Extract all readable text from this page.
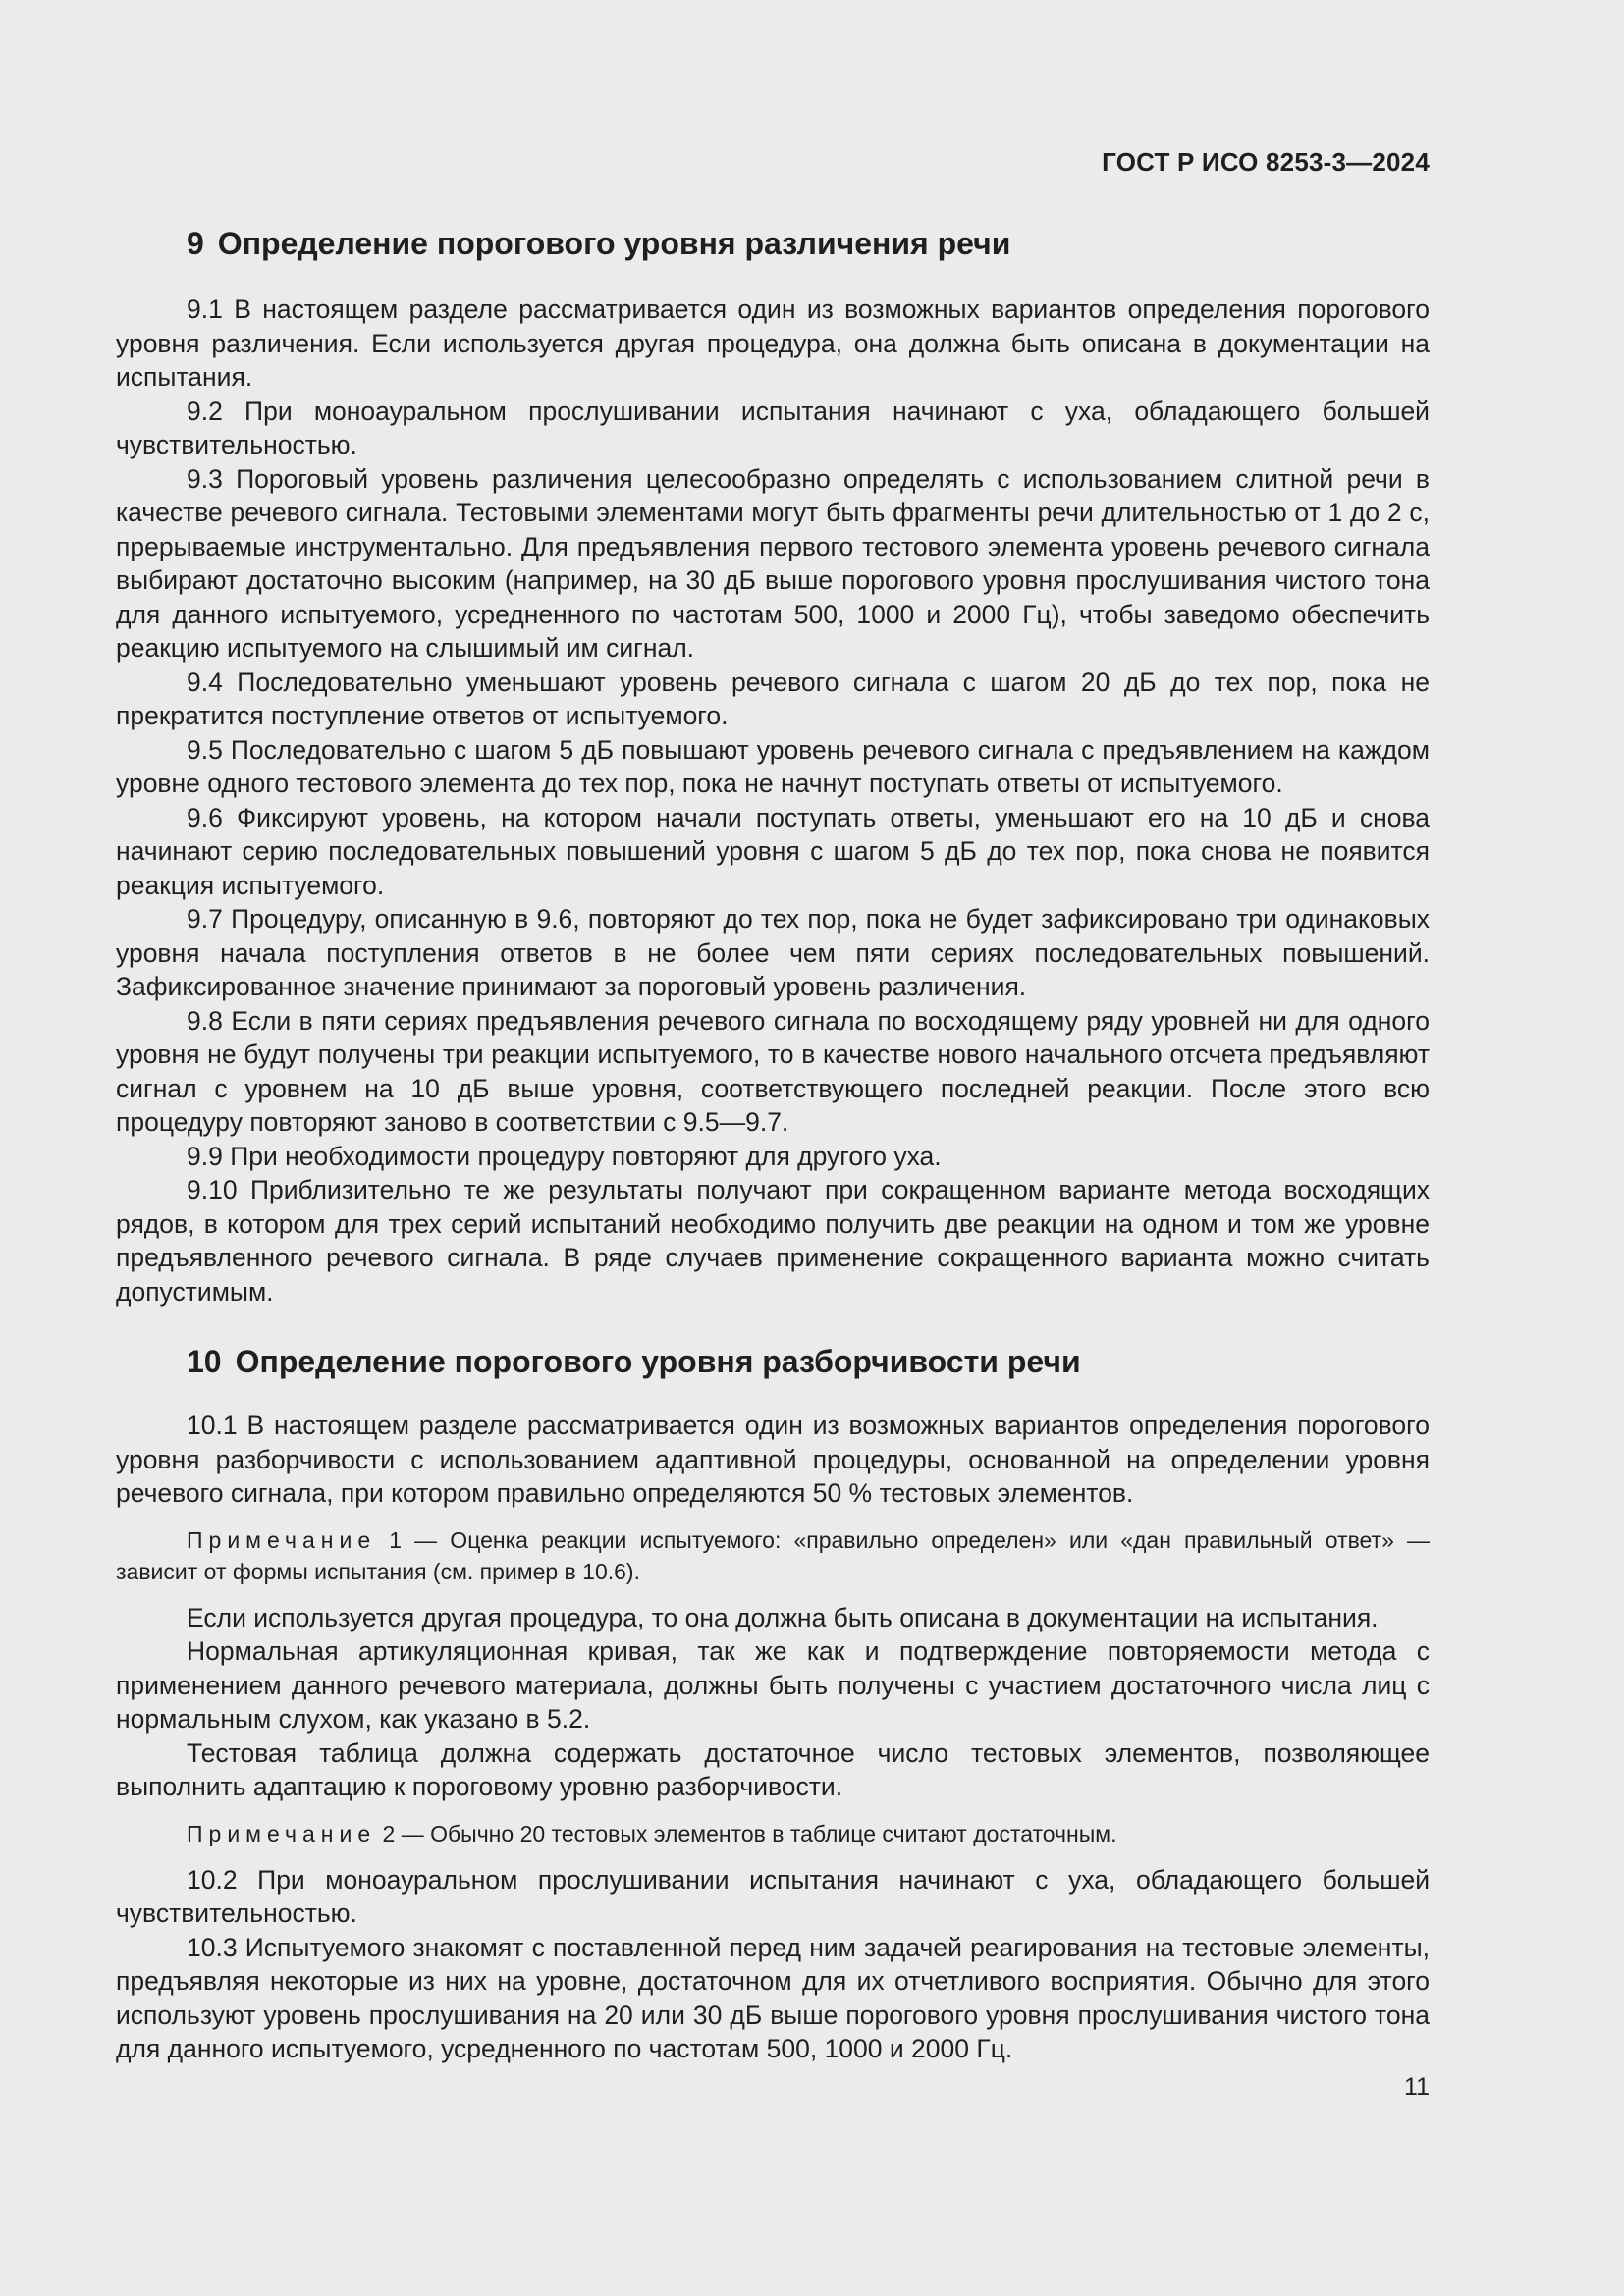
ГОСТ Р ИСО 8253-3—2024
9 Определение порогового уровня различения речи

9.1 В настоящем разделе рассматривается один из возможных вариантов определения порогового уровня различения. Если используется другая процедура, она должна быть описана в документации на испытания.

9.2 При моноауральном прослушивании испытания начинают с уха, обладающего большей чувствительностью.

9.3 Пороговый уровень различения целесообразно определять с использованием слитной речи в качестве речевого сигнала. Тестовыми элементами могут быть фрагменты речи длительностью от 1 до 2 с, прерываемые инструментально. Для предъявления первого тестового элемента уровень речевого сигнала выбирают достаточно высоким (например, на 30 дБ выше порогового уровня прослушивания чистого тона для данного испытуемого, усредненного по частотам 500, 1000 и 2000 Гц), чтобы заведомо обеспечить реакцию испытуемого на слышимый им сигнал.

9.4 Последовательно уменьшают уровень речевого сигнала с шагом 20 дБ до тех пор, пока не прекратится поступление ответов от испытуемого.

9.5 Последовательно с шагом 5 дБ повышают уровень речевого сигнала с предъявлением на каждом уровне одного тестового элемента до тех пор, пока не начнут поступать ответы от испытуемого.

9.6 Фиксируют уровень, на котором начали поступать ответы, уменьшают его на 10 дБ и снова начинают серию последовательных повышений уровня с шагом 5 дБ до тех пор, пока снова не появится реакция испытуемого.

9.7 Процедуру, описанную в 9.6, повторяют до тех пор, пока не будет зафиксировано три одинаковых уровня начала поступления ответов в не более чем пяти сериях последовательных повышений. Зафиксированное значение принимают за пороговый уровень различения.

9.8 Если в пяти сериях предъявления речевого сигнала по восходящему ряду уровней ни для одного уровня не будут получены три реакции испытуемого, то в качестве нового начального отсчета предъявляют сигнал с уровнем на 10 дБ выше уровня, соответствующего последней реакции. После этого всю процедуру повторяют заново в соответствии с 9.5—9.7.

9.9 При необходимости процедуру повторяют для другого уха.

9.10 Приблизительно те же результаты получают при сокращенном варианте метода восходящих рядов, в котором для трех серий испытаний необходимо получить две реакции на одном и том же уровне предъявленного речевого сигнала. В ряде случаев применение сокращенного варианта можно считать допустимым.

10 Определение порогового уровня разборчивости речи

10.1 В настоящем разделе рассматривается один из возможных вариантов определения порогового уровня разборчивости с использованием адаптивной процедуры, основанной на определении уровня речевого сигнала, при котором правильно определяются 50 % тестовых элементов.

Примечание 1 — Оценка реакции испытуемого: «правильно определен» или «дан правильный ответ» — зависит от формы испытания (см. пример в 10.6).

Если используется другая процедура, то она должна быть описана в документации на испытания.

Нормальная артикуляционная кривая, так же как и подтверждение повторяемости метода с применением данного речевого материала, должны быть получены с участием достаточного числа лиц с нормальным слухом, как указано в 5.2.

Тестовая таблица должна содержать достаточное число тестовых элементов, позволяющее выполнить адаптацию к пороговому уровню разборчивости.

Примечание 2 — Обычно 20 тестовых элементов в таблице считают достаточным.

10.2 При моноауральном прослушивании испытания начинают с уха, обладающего большей чувствительностью.

10.3 Испытуемого знакомят с поставленной перед ним задачей реагирования на тестовые элементы, предъявляя некоторые из них на уровне, достаточном для их отчетливого восприятия. Обычно для этого используют уровень прослушивания на 20 или 30 дБ выше порогового уровня прослушивания чистого тона для данного испытуемого, усредненного по частотам 500, 1000 и 2000 Гц.

11
